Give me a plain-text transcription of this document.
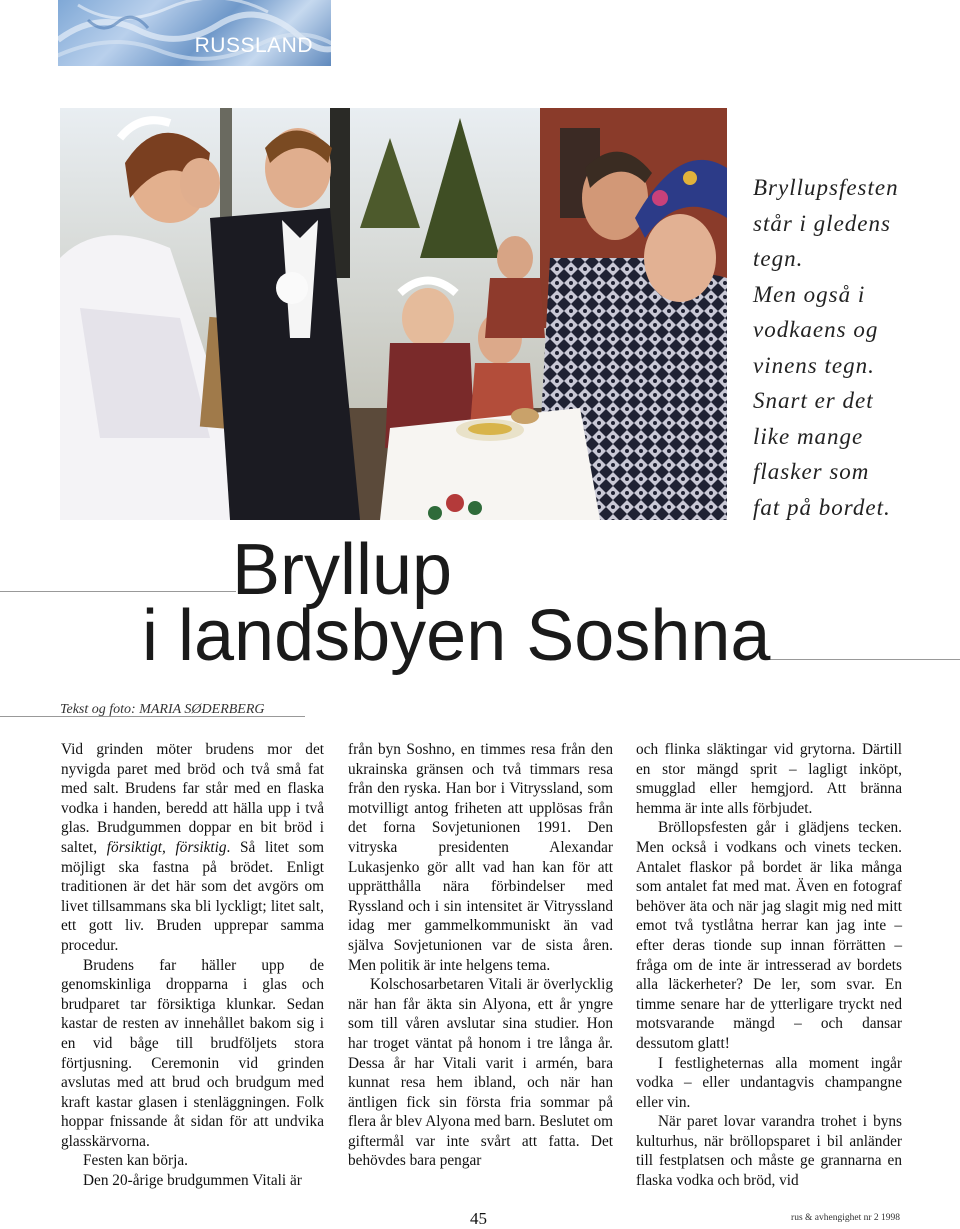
RUSSLAND

Bryllupsfesten
står i gledens
tegn.
Men også i
vodkaens og
vinens tegn.
Snart er det
like mange
flasker som
fat på bordet.

Bryllup
i landsbyen Soshna
Tekst og foto: MARIA SØDERBERG

Vid grinden möter brudens mor det nyvigda paret med bröd och två små fat med salt. Brudens far står med en flaska vodka i handen, beredd att hälla upp i två glas. Brudgummen doppar en bit bröd i saltet, försiktigt, försiktig. Så litet som möjligt ska fastna på brödet. Enligt traditionen är det här som det avgörs om livet tillsammans ska bli lyckligt; litet salt, ett gott liv. Bruden upprepar samma procedur.

Brudens far häller upp de genomskinliga dropparna i glas och brudparet tar försiktiga klunkar. Sedan kastar de resten av innehållet bakom sig i en vid båge till brudföljets stora förtjusning. Ceremonin vid grinden avslutas med att brud och brudgum med kraft kastar glasen i stenläggningen. Folk hoppar fnissande åt sidan för att undvika glasskärvorna.

Festen kan börja.

Den 20-årige brudgummen Vitali är

från byn Soshno, en timmes resa från den ukrainska gränsen och två timmars resa från den ryska. Han bor i Vitryssland, som motvilligt antog friheten att upplösas från det forna Sovjetunionen 1991. Den vitryska presidenten Alexandar Lukasjenko gör allt vad han kan för att upprätthålla nära förbindelser med Ryssland och i sin intensitet är Vitryssland idag mer gammelkommuniskt än vad själva Sovjetunionen var de sista åren. Men politik är inte helgens tema.

Kolschosarbetaren Vitali är överlycklig när han får äkta sin Alyona, ett år yngre som till våren avslutar sina studier. Hon har troget väntat på honom i tre långa år. Dessa år har Vitali varit i armén, bara kunnat resa hem ibland, och när han äntligen fick sin första fria sommar på flera år blev Alyona med barn. Beslutet om giftermål var inte svårt att fatta. Det behövdes bara pengar

och flinka släktingar vid grytorna. Därtill en stor mängd sprit – lagligt inköpt, smugglad eller hemgjord. Att bränna hemma är inte alls förbjudet.

Bröllopsfesten går i glädjens tecken. Men också i vodkans och vinets tecken. Antalet flaskor på bordet är lika många som antalet fat med mat. Även en fotograf behöver äta och när jag slagit mig ned mitt emot två tystlåtna herrar kan jag inte – efter deras tionde sup innan förrätten – fråga om de inte är intresserad av bordets alla läckerheter? De ler, som svar. En timme senare har de ytterligare tryckt ned motsvarande mängd – och dansar dessutom glatt!

I festligheternas alla moment ingår vodka – eller undantagvis champangne eller vin.

När paret lovar varandra trohet i byns kulturhus, när bröllopsparet i bil anländer till festplatsen och måste ge grannarna en flaska vodka och bröd, vid

45	rus & avhengighet nr 2 1998
